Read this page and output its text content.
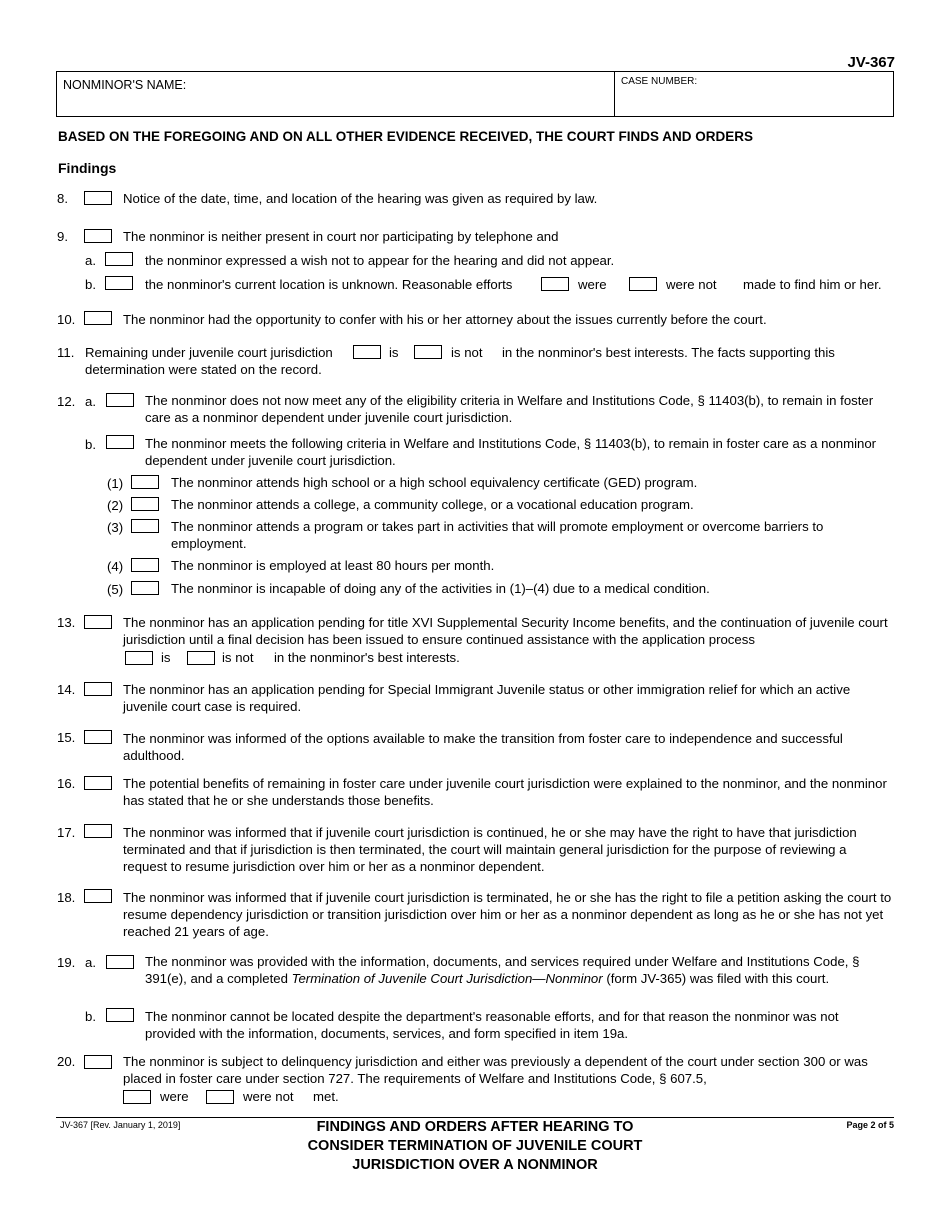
JV-367
NONMINOR'S NAME:	CASE NUMBER:
BASED ON THE FOREGOING AND ON ALL OTHER EVIDENCE RECEIVED, THE COURT FINDS AND ORDERS
Findings
8.	Notice of the date, time, and location of the hearing was given as required by law.
9.	The nonminor is neither present in court nor participating by telephone and
a.	the nonminor expressed a wish not to appear for the hearing and did not appear.
b.	the nonminor's current location is unknown. Reasonable efforts	were	were not made to find him or her.
10.	The nonminor had the opportunity to confer with his or her attorney about the issues currently before the court.
11. Remaining under juvenile court jurisdiction	is	is not in the nonminor's best interests. The facts supporting this
determination were stated on the record.
12. a.	The nonminor does not now meet any of the eligibility criteria in Welfare and Institutions Code, § 11403(b), to remain in foster care as a nonminor dependent under juvenile court jurisdiction.
b.	The nonminor meets the following criteria in Welfare and Institutions Code, § 11403(b), to remain in foster care as a nonminor dependent under juvenile court jurisdiction.
(1)	The nonminor attends high school or a high school equivalency certificate (GED) program.
(2)	The nonminor attends a college, a community college, or a vocational education program.
(3)	The nonminor attends a program or takes part in activities that will promote employment or overcome barriers to employment.
(4)	The nonminor is employed at least 80 hours per month.
(5)	The nonminor is incapable of doing any of the activities in (1)–(4) due to a medical condition.
13.	The nonminor has an application pending for title XVI Supplemental Security Income benefits, and the continuation of juvenile court jurisdiction until a final decision has been issued to ensure continued assistance with the application process
is	is not in the nonminor's best interests.
14.	The nonminor has an application pending for Special Immigrant Juvenile status or other immigration relief for which an active juvenile court case is required.
15.	The nonminor was informed of the options available to make the transition from foster care to independence and successful adulthood.
16.	The potential benefits of remaining in foster care under juvenile court jurisdiction were explained to the nonminor, and the nonminor has stated that he or she understands those benefits.
17.	The nonminor was informed that if juvenile court jurisdiction is continued, he or she may have the right to have that jurisdiction terminated and that if jurisdiction is then terminated, the court will maintain general jurisdiction for the purpose of reviewing a request to resume jurisdiction over him or her as a nonminor dependent.
18.	The nonminor was informed that if juvenile court jurisdiction is terminated, he or she has the right to file a petition asking the court to resume dependency jurisdiction or transition jurisdiction over him or her as a nonminor dependent as long as he or she has not yet reached 21 years of age.
19. a.	The nonminor was provided with the information, documents, and services required under Welfare and Institutions Code, § 391(e), and a completed Termination of Juvenile Court Jurisdiction—Nonminor (form JV-365) was filed with this court.
b.	The nonminor cannot be located despite the department's reasonable efforts, and for that reason the nonminor was not provided with the information, documents, services, and form specified in item 19a.
20.	The nonminor is subject to delinquency jurisdiction and either was previously a dependent of the court under section 300 or was placed in foster care under section 727. The requirements of Welfare and Institutions Code, § 607.5,
were	were not met.
JV-367 [Rev. January 1, 2019]	FINDINGS AND ORDERS AFTER HEARING TO
CONSIDER TERMINATION OF JUVENILE COURT
JURISDICTION OVER A NONMINOR
Page 2 of 5
